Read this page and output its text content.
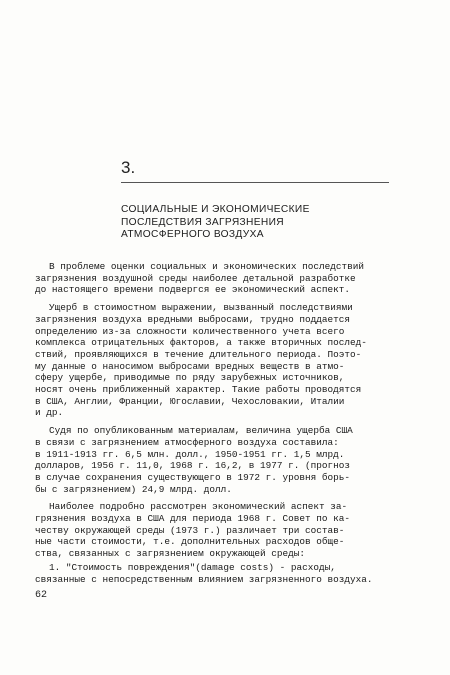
3.
СОЦИАЛЬНЫЕ И ЭКОНОМИЧЕСКИЕ
ПОСЛЕДСТВИЯ ЗАГРЯЗНЕНИЯ
АТМОСФЕРНОГО ВОЗДУХА
В проблеме оценки социальных и экономических последствий
загрязнения воздушной среды наиболее детальной разработке
до настоящего времени подвергся ее экономический аспект.
Ущерб в стоимостном выражении, вызванный последствиями
загрязнения воздуха вредными выбросами, трудно поддается
определению из-за сложности количественного учета всего
комплекса отрицательных факторов, а также вторичных послед-
ствий, проявляющихся в течение длительного периода. Поэто-
му данные о наносимом выбросами вредных веществ в атмо-
сферу ущербе, приводимые по ряду зарубежных источников,
носят очень приближенный характер. Такие работы проводятся
в США, Англии, Франции, Югославии, Чехословакии, Италии
и др.
Судя по опубликованным материалам, величина ущерба США
в связи с загрязнением атмосферного воздуха составила:
в 1911-1913 гг. 6,5 млн. долл., 1950-1951 гг. 1,5 млрд.
долларов, 1956 г. 11,0, 1968 г. 16,2, в 1977 г. (прогноз
в случае сохранения существующего в 1972 г. уровня борь-
бы с загрязнением) 24,9 млрд. долл.
Наиболее подробно рассмотрен экономический аспект за-
грязнения воздуха в США для периода 1968 г. Совет по ка-
честву окружающей среды (1973 г.) различает три состав-
ные части стоимости, т.е. дополнительных расходов обще-
ства, связанных с загрязнением окружающей среды:
1. "Стоимость повреждения"(damage costs) - расходы,
связанные с непосредственным влиянием загрязненного воздуха.
62
